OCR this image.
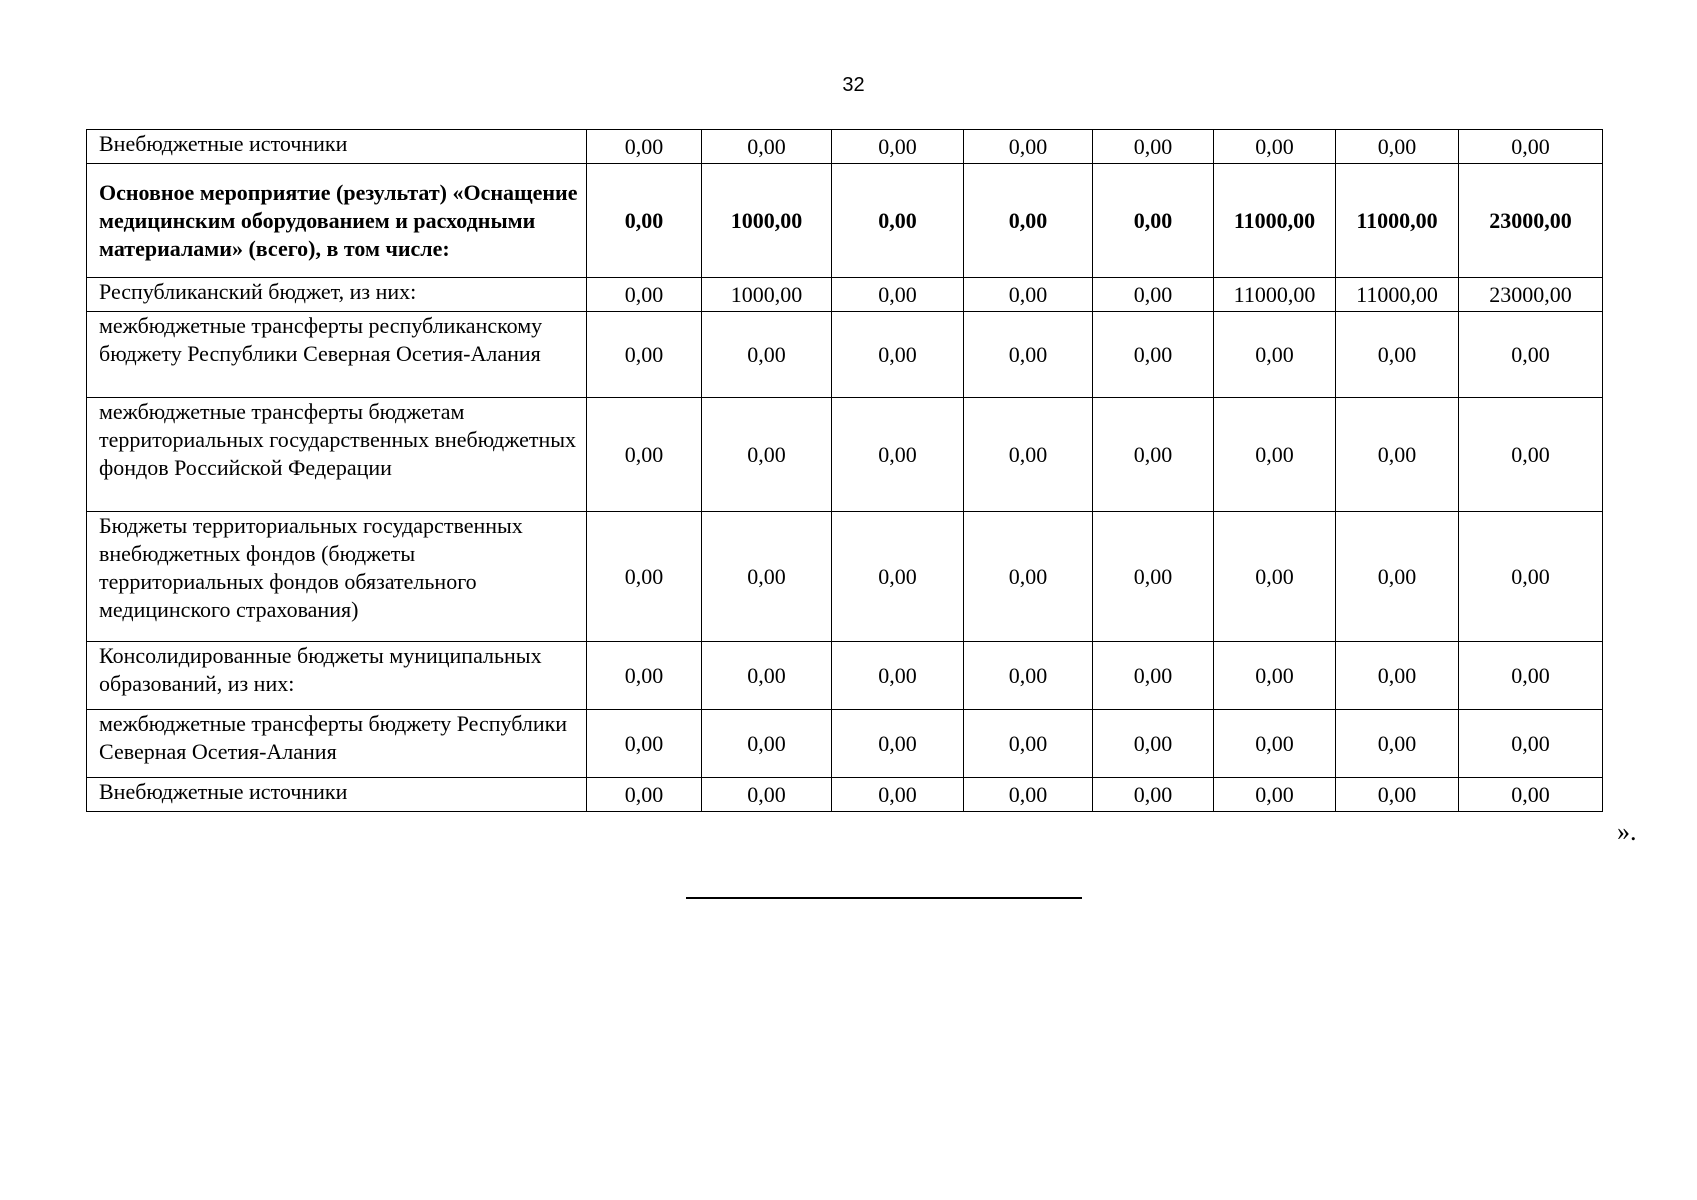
32
Внебюджетные источники	0,00	0,00	0,00	0,00	0,00	0,00	0,00	0,00
Основное мероприятие (результат) «Оснащение медицинским оборудованием и расходными материалами» (всего), в том числе:	0,00	1000,00	0,00	0,00	0,00	11000,00	11000,00	23000,00
Республиканский бюджет, из них:	0,00	1000,00	0,00	0,00	0,00	11000,00	11000,00	23000,00
межбюджетные трансферты республиканскому бюджету Республики Северная Осетия-Алания	0,00	0,00	0,00	0,00	0,00	0,00	0,00	0,00
межбюджетные трансферты бюджетам территориальных государственных внебюджетных фондов Российской Федерации	0,00	0,00	0,00	0,00	0,00	0,00	0,00	0,00
Бюджеты территориальных государственных внебюджетных фондов (бюджеты территориальных фондов обязательного медицинского страхования)	0,00	0,00	0,00	0,00	0,00	0,00	0,00	0,00
Консолидированные бюджеты муниципальных образований, из них:	0,00	0,00	0,00	0,00	0,00	0,00	0,00	0,00
межбюджетные трансферты бюджету Республики Северная Осетия-Алания	0,00	0,00	0,00	0,00	0,00	0,00	0,00	0,00
Внебюджетные источники	0,00	0,00	0,00	0,00	0,00	0,00	0,00	0,00
».
